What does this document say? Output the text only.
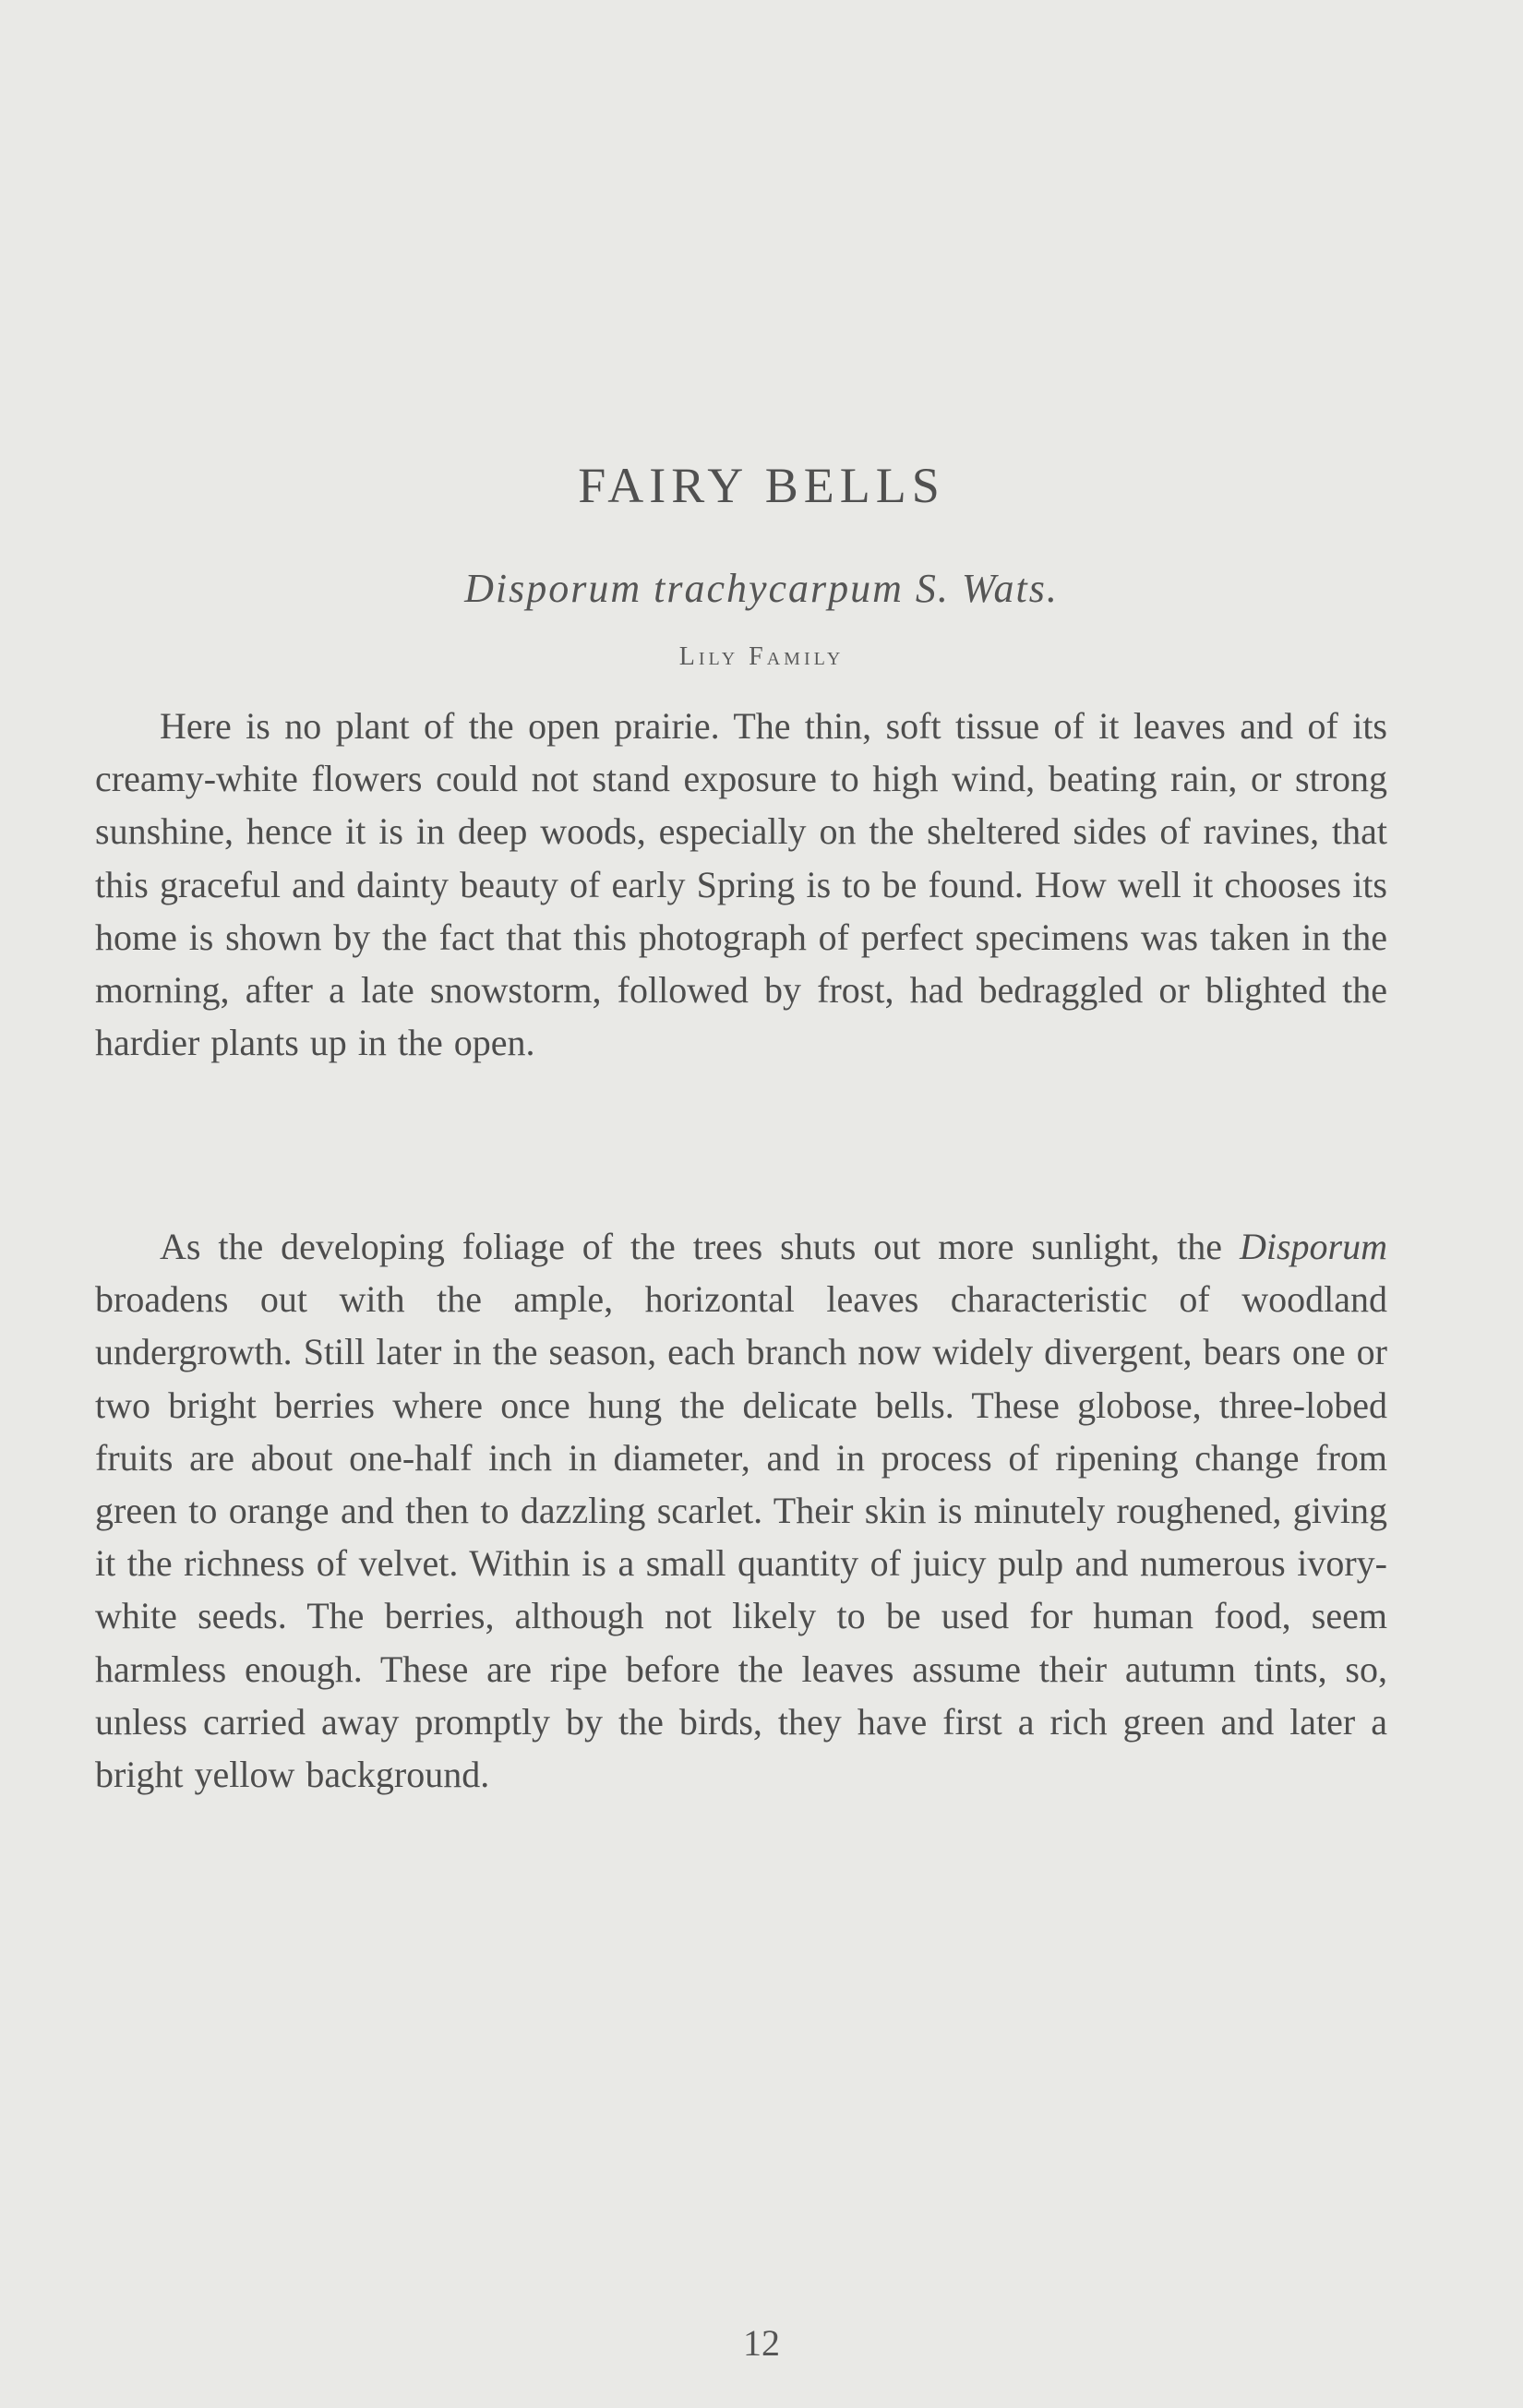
FAIRY BELLS

Disporum trachycarpum S. Wats.

Lily Family

Here is no plant of the open prairie. The thin, soft tissue of it leaves and of its creamy-white flowers could not stand exposure to high wind, beating rain, or strong sunshine, hence it is in deep woods, especially on the sheltered sides of ravines, that this graceful and dainty beauty of early Spring is to be found. How well it chooses its home is shown by the fact that this photograph of perfect specimens was taken in the morning, after a late snowstorm, followed by frost, had bedraggled or blighted the hardier plants up in the open.

As the developing foliage of the trees shuts out more sunlight, the Disporum broadens out with the ample, horizontal leaves characteristic of woodland undergrowth. Still later in the season, each branch now widely divergent, bears one or two bright berries where once hung the delicate bells. These globose, three-lobed fruits are about one-half inch in diameter, and in process of ripening change from green to orange and then to dazzling scarlet. Their skin is minutely roughened, giving it the richness of velvet. Within is a small quantity of juicy pulp and numerous ivory-white seeds. The berries, although not likely to be used for human food, seem harmless enough. These are ripe before the leaves assume their autumn tints, so, unless carried away promptly by the birds, they have first a rich green and later a bright yellow background.

12
